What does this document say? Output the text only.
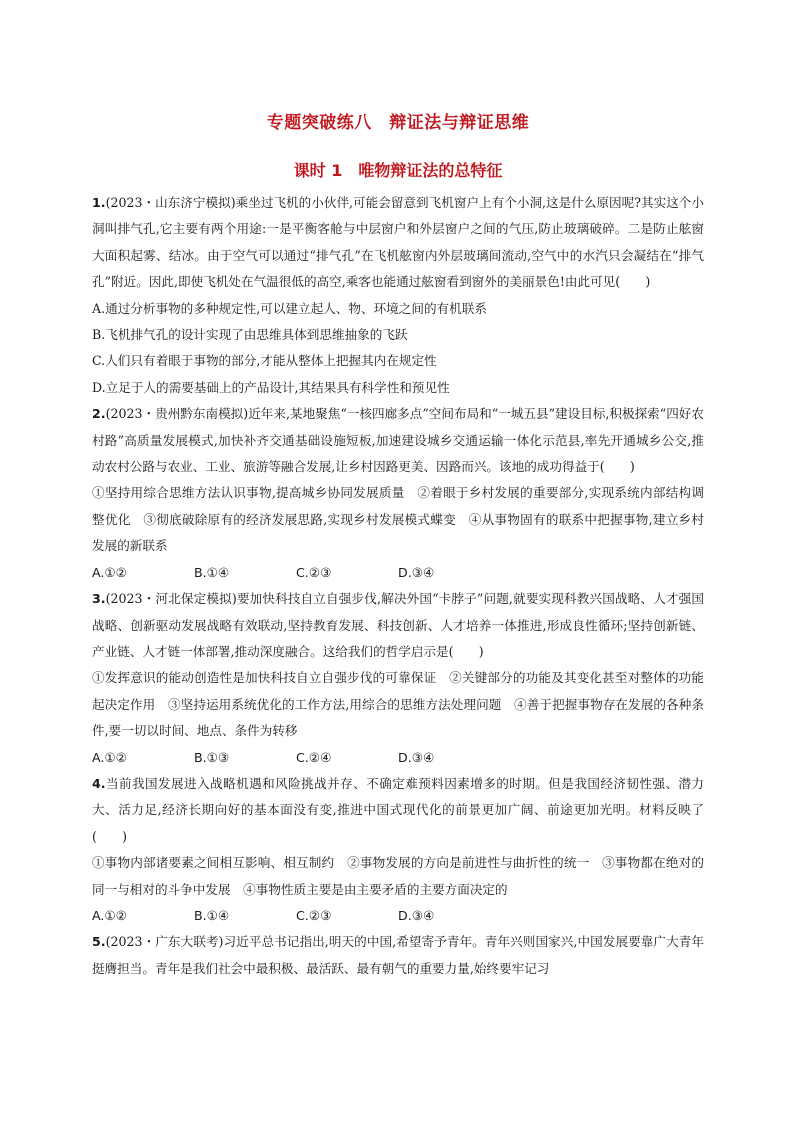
专题突破练八　辩证法与辩证思维
课时 1　唯物辩证法的总特征

1.(2023・山东济宁模拟)乘坐过飞机的小伙伴,可能会留意到飞机窗户上有个小洞,这是什么原因呢?其实这个小洞叫排气孔,它主要有两个用途:一是平衡客舱与中层窗户和外层窗户之间的气压,防止玻璃破碎。二是防止舷窗大面积起雾、结冰。由于空气可以通过“排气孔”在飞机舷窗内外层玻璃间流动,空气中的水汽只会凝结在“排气孔”附近。因此,即使飞机处在气温很低的高空,乘客也能通过舷窗看到窗外的美丽景色!由此可见(　　)

A.通过分析事物的多种规定性,可以建立起人、物、环境之间的有机联系

B.飞机排气孔的设计实现了由思维具体到思维抽象的飞跃

C.人们只有着眼于事物的部分,才能从整体上把握其内在规定性

D.立足于人的需要基础上的产品设计,其结果具有科学性和预见性

2.(2023・贵州黔东南模拟)近年来,某地聚焦“一核四廊多点”空间布局和“一城五县”建设目标,积极探索“四好农村路”高质量发展模式,加快补齐交通基础设施短板,加速建设城乡交通运输一体化示范县,率先开通城乡公交,推动农村公路与农业、工业、旅游等融合发展,让乡村因路更美、因路而兴。该地的成功得益于(　　)

①坚持用综合思维方法认识事物,提高城乡协同发展质量　②着眼于乡村发展的重要部分,实现系统内部结构调整优化　③彻底破除原有的经济发展思路,实现乡村发展模式蝶变　④从事物固有的联系中把握事物,建立乡村发展的新联系

A.①②	B.①④	C.②③	D.③④

3.(2023・河北保定模拟)要加快科技自立自强步伐,解决外国“卡脖子”问题,就要实现科教兴国战略、人才强国战略、创新驱动发展战略有效联动,坚持教育发展、科技创新、人才培养一体推进,形成良性循环;坚持创新链、产业链、人才链一体部署,推动深度融合。这给我们的哲学启示是(　　)

①发挥意识的能动创造性是加快科技自立自强步伐的可靠保证　②关键部分的功能及其变化甚至对整体的功能起决定作用　③坚持运用系统优化的工作方法,用综合的思维方法处理问题　④善于把握事物存在发展的各种条件,要一切以时间、地点、条件为转移

A.①②	B.①③	C.②④	D.③④

4.当前我国发展进入战略机遇和风险挑战并存、不确定难预料因素增多的时期。但是我国经济韧性强、潜力大、活力足,经济长期向好的基本面没有变,推进中国式现代化的前景更加广阔、前途更加光明。材料反映了(　　)

①事物内部诸要素之间相互影响、相互制约　②事物发展的方向是前进性与曲折性的统一　③事物都在绝对的同一与相对的斗争中发展　④事物性质主要是由主要矛盾的主要方面决定的

A.①②	B.①④	C.②③	D.③④

5.(2023・广东大联考)习近平总书记指出,明天的中国,希望寄予青年。青年兴则国家兴,中国发展要靠广大青年挺膺担当。青年是我们社会中最积极、最活跃、最有朝气的重要力量,始终要牢记习
